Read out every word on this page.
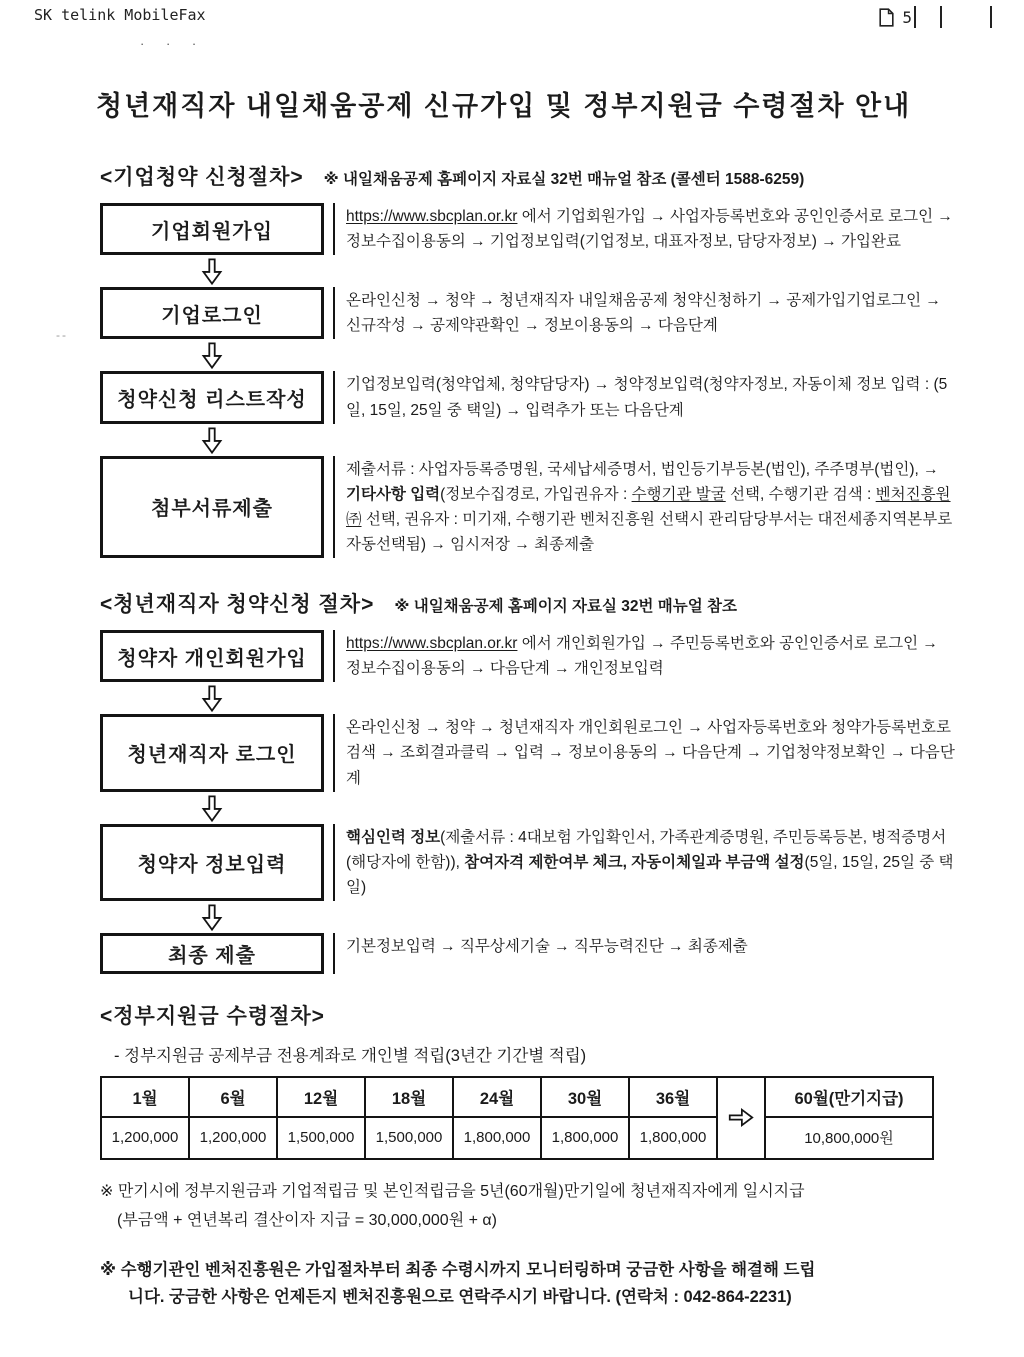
SK telink MobileFax	5
· · ·
--
청년재직자 내일채움공제 신규가입 및 정부지원금 수령절차 안내
<기업청약 신청절차> ※ 내일채움공제 홈페이지 자료실 32번 매뉴얼 참조 (콜센터 1588-6259)
기업회원가입
https://www.sbcplan.or.kr 에서 기업회원가입 → 사업자등록번호와 공인인증서로 로그인 → 정보수집이용동의 → 기업정보입력(기업정보, 대표자정보, 담당자정보) → 가입완료
기업로그인
온라인신청 → 청약 → 청년재직자 내일채움공제 청약신청하기 → 공제가입기업로그인 → 신규작성 → 공제약관확인 → 정보이용동의 → 다음단계
청약신청 리스트작성
기업정보입력(청약업체, 청약담당자) → 청약정보입력(청약자정보, 자동이체 정보 입력 : (5일, 15일, 25일 중 택일) → 입력추가 또는 다음단계
첨부서류제출
제출서류 : 사업자등록증명원, 국세납세증명서, 법인등기부등본(법인), 주주명부(법인), → 기타사항 입력(정보수집경로, 가입권유자 : 수행기관 발굴 선택, 수행기관 검색 : 벤처진흥원㈜ 선택, 권유자 : 미기재, 수행기관 벤처진흥원 선택시 관리담당부서는 대전세종지역본부로 자동선택됨) → 임시저장 → 최종제출
<청년재직자 청약신청 절차> ※ 내일채움공제 홈페이지 자료실 32번 매뉴얼 참조
청약자 개인회원가입
https://www.sbcplan.or.kr 에서 개인회원가입 → 주민등록번호와 공인인증서로 로그인 → 정보수집이용동의 → 다음단계 → 개인정보입력
청년재직자 로그인
온라인신청 → 청약 → 청년재직자 개인회원로그인 → 사업자등록번호와 청약가등록번호로 검색 → 조회결과클릭 → 입력 → 정보이용동의 → 다음단계 → 기업청약정보확인 → 다음단계
청약자 정보입력
핵심인력 정보(제출서류 : 4대보험 가입확인서, 가족관계증명원, 주민등록등본, 병적증명서(해당자에 한함)), 참여자격 제한여부 체크, 자동이체일과 부금액 설정(5일, 15일, 25일 중 택일)
최종 제출	기본정보입력 → 직무상세기술 → 직무능력진단 → 최종제출
<정부지원금 수령절차>
- 정부지원금 공제부금 전용계좌로 개인별 적립(3년간 기간별 적립)
1월	6월	12월	18월	24월	30월	36월		60월(만기지급)
1,200,000	1,200,000	1,500,000	1,500,000	1,800,000	1,800,000	1,800,000		10,800,000원
※ 만기시에 정부지원금과 기업적립금 및 본인적립금을 5년(60개월)만기일에 청년재직자에게 일시지급
(부금액 + 연년복리 결산이자 지급 = 30,000,000원 + α)
※ 수행기관인 벤처진흥원은 가입절차부터 최종 수령시까지 모니터링하며 궁금한 사항을 해결해 드립
니다. 궁금한 사항은 언제든지 벤처진흥원으로 연락주시기 바랍니다. (연락처 : 042-864-2231)
